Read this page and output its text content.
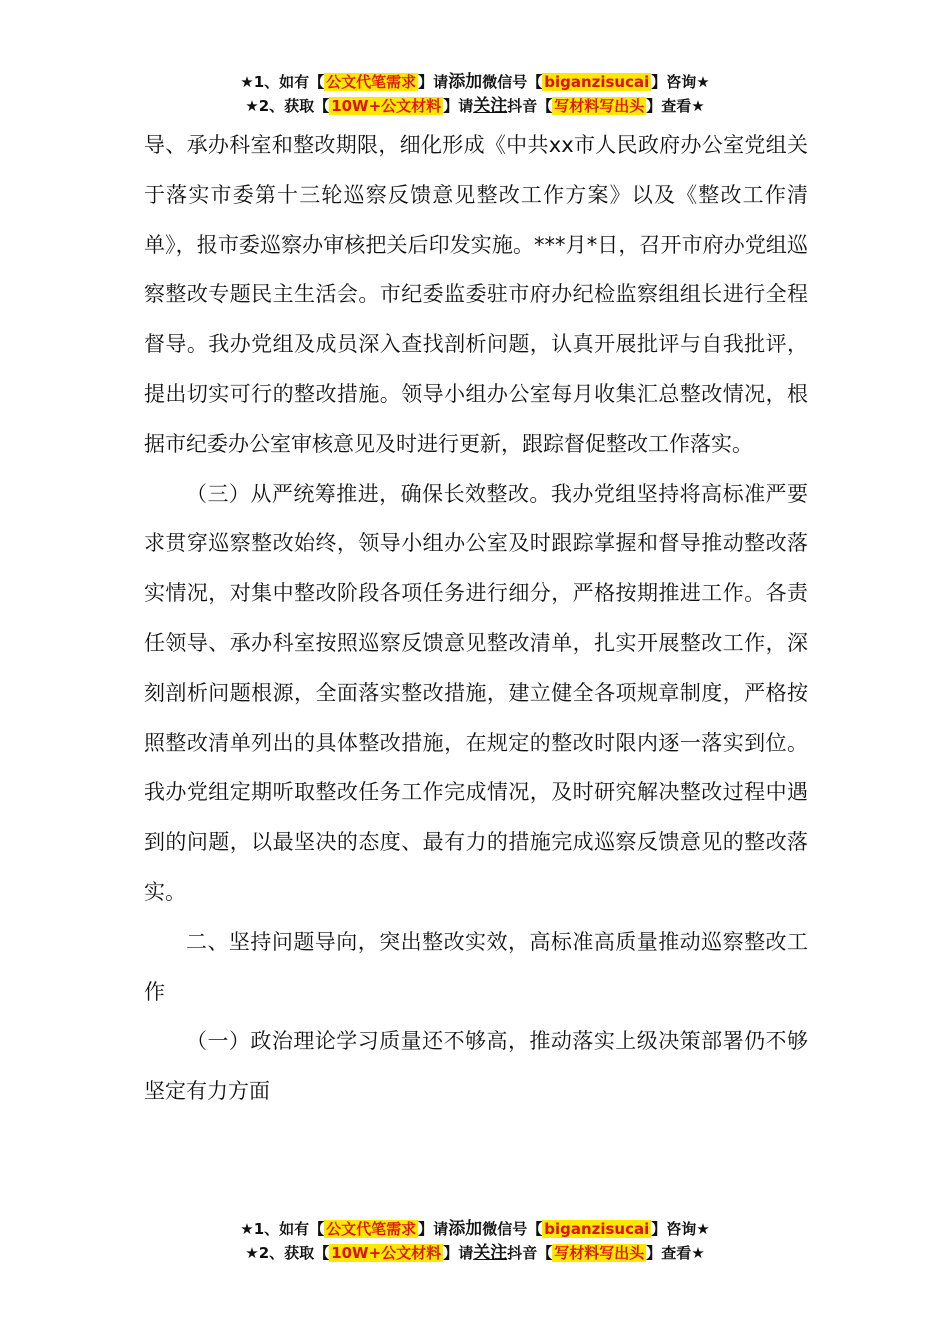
★1、如有【 公文代笔需求 】请添加微信号【 biganzisucai 】咨询★
★2、获取【 10W+公文材料 】请关注抖音【 写材料写出头 】查看★

导、承办科室和整改期限，细化形成《中共xx市人民政府办公室党组关于落实市委第十三轮巡察反馈意见整改工作方案》以及《整改工作清单》，报市委巡察办审核把关后印发实施。***月*日，召开市府办党组巡察整改专题民主生活会。市纪委监委驻市府办纪检监察组组长进行全程督导。我办党组及成员深入查找剖析问题，认真开展批评与自我批评，提出切实可行的整改措施。领导小组办公室每月收集汇总整改情况，根据市纪委办公室审核意见及时进行更新，跟踪督促整改工作落实。

（三）从严统筹推进，确保长效整改。我办党组坚持将高标准严要求贯穿巡察整改始终，领导小组办公室及时跟踪掌握和督导推动整改落实情况，对集中整改阶段各项任务进行细分，严格按期推进工作。各责任领导、承办科室按照巡察反馈意见整改清单，扎实开展整改工作，深刻剖析问题根源，全面落实整改措施，建立健全各项规章制度，严格按照整改清单列出的具体整改措施，在规定的整改时限内逐一落实到位。我办党组定期听取整改任务工作完成情况，及时研究解决整改过程中遇到的问题，以最坚决的态度、最有力的措施完成巡察反馈意见的整改落实。

二、坚持问题导向，突出整改实效，高标准高质量推动巡察整改工作

（一）政治理论学习质量还不够高，推动落实上级决策部署仍不够坚定有力方面

★1、如有【 公文代笔需求 】请添加微信号【 biganzisucai 】咨询★
★2、获取【 10W+公文材料 】请关注抖音【 写材料写出头 】查看★
